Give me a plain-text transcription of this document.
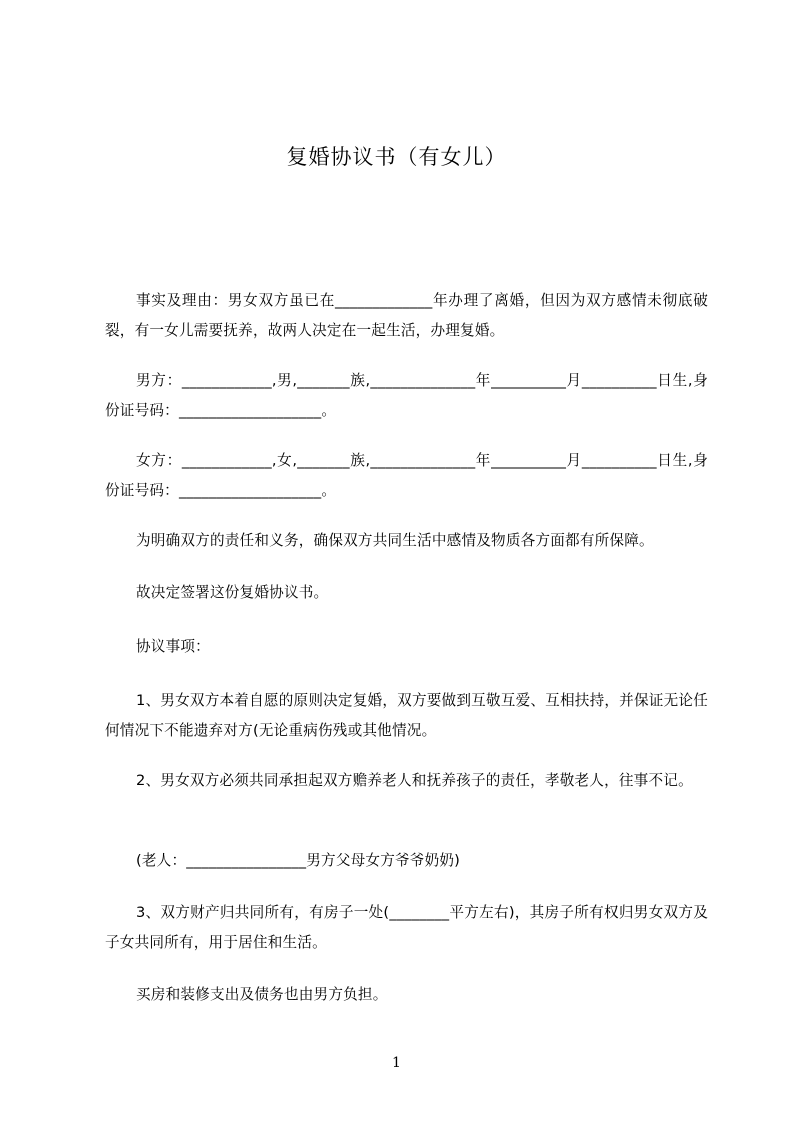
复婚协议书（有女儿）

事实及理由：男女双方虽已在_____________年办理了离婚，但因为双方感情未彻底破裂，有一女儿需要抚养，故两人决定在一起生活，办理复婚。

男方：____________,男,_______族,______________年__________月__________日生,身份证号码：___________________。

女方：____________,女,_______族,______________年__________月__________日生,身份证号码：___________________。

为明确双方的责任和义务，确保双方共同生活中感情及物质各方面都有所保障。

故决定签署这份复婚协议书。

协议事项：

1、男女双方本着自愿的原则决定复婚，双方要做到互敬互爱、互相扶持，并保证无论任何情况下不能遗弃对方(无论重病伤残或其他情况。

2、男女双方必须共同承担起双方赡养老人和抚养孩子的责任，孝敬老人，往事不记。

(老人：________________男方父母女方爷爷奶奶)

3、双方财产归共同所有，有房子一处(________平方左右)，其房子所有权归男女双方及子女共同所有，用于居住和生活。

买房和装修支出及债务也由男方负担。

1
